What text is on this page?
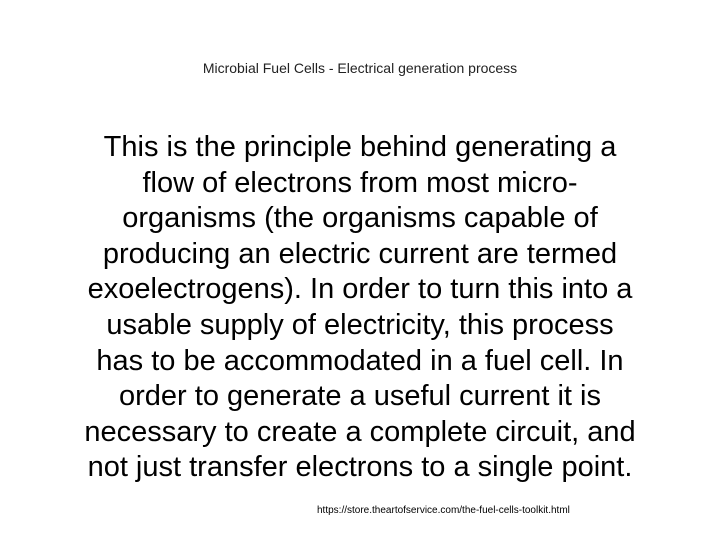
Microbial Fuel Cells - Electrical generation process
This is the principle behind generating a
flow of electrons from most micro-
organisms (the organisms capable of
producing an electric current are termed
exoelectrogens). In order to turn this into a
usable supply of electricity, this process
has to be accommodated in a fuel cell. In
order to generate a useful current it is
necessary to create a complete circuit, and
not just transfer electrons to a single point.
https://store.theartofservice.com/the-fuel-cells-toolkit.html
